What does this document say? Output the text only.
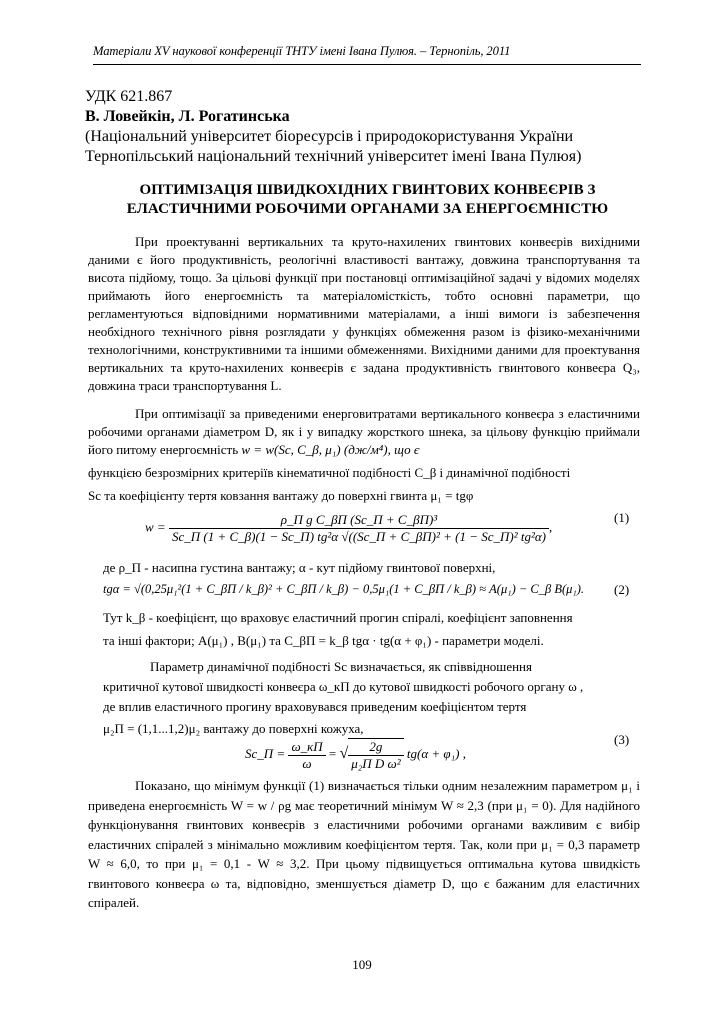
Матеріали XV наукової конференції ТНТУ імені Івана Пулюя. – Тернопіль, 2011
УДК 621.867
В. Ловейкін, Л. Рогатинська
(Національний університет біоресурсів і природокористування України
Тернопільський національний технічний університет імені Івана Пулюя)
ОПТИМІЗАЦІЯ ШВИДКОХІДНИХ ГВИНТОВИХ КОНВЕЄРІВ З
ЕЛАСТИЧНИМИ РОБОЧИМИ ОРГАНАМИ ЗА ЕНЕРГОЄМНІСТЮ
При проектуванні вертикальних та круто-нахилених гвинтових конвеєрів вихідними даними є його продуктивність, реологічні властивості вантажу, довжина транспортування та висота підйому, тощо. За цільові функції при постановці оптимізаційної задачі у відомих моделях приймають його енергоємність та матеріаломісткість, тобто основні параметри, що регламентуються відповідними нормативними матеріалами, а інші вимоги із забезпечення необхідного технічного рівня розглядати у функціях обмеження разом із фізико-механічними технологічними, конструктивними та іншими обмеженнями. Вихідними даними для проектування вертикальних та круто-нахилених конвеєрів є задана продуктивність гвинтового конвеєра Q₃, довжина траси транспортування L.
При оптимізації за приведеними енерговитратами вертикального конвеєра з еластичними робочими органами діаметром D, як і у випадку жорсткого шнека, за цільову функцію приймали його питому енергоємність w = w(Sc, C_β, μ₁) (дж/м⁴), що є
функцією безрозмірних критеріїв кінематичної подібності C_β і динамічної подібності
Sc та коефіцієнту тертя ковзання вантажу до поверхні гвинта μ₁ = tgφ
w =	ρ_П g C_βП (Sc_П + C_βП)³
Sc_П (1 + C_β)(1 − Sc_П) tg²α √((Sc_П + C_βП)² + (1 − Sc_П)² tg²α)
,
(1)
де ρ_П - насипна густина вантажу; α - кут підйому гвинтової поверхні,
tgα = √(0,25μ₁²(1 + C_βП / k_β)² + C_βП / k_β) − 0,5μ₁(1 + C_βП / k_β) ≈ A(μ₁) − C_β B(μ₁). (2)
Тут k_β - коефіцієнт, що враховує еластичний прогин спіралі, коефіцієнт заповнення
та інші фактори; A(μ₁) , B(μ₁) та C_βП = k_β tgα · tg(α + φ₁) - параметри моделі.
Параметр динамічної подібності Sc визначається, як співвідношення
критичної кутової швидкості конвеєра ω_кП до кутової швидкості робочого органу ω ,
де вплив еластичного прогину враховувався приведеним коефіцієнтом тертя
μ₂П = (1,1...1,2)μ₂ вантажу до поверхні кожуха,
Sc_П = $\frac{\omega\_кП}{\omega}$ = √ $\frac{2g}{\text{μ₂П D ω²}} tg(\alpha + \varphi_1)$ ,
(3)
Показано, що мінімум функції (1) визначається тільки одним незалежним параметром μ₁ і приведена енергоємність W = w / ρg має теоретичний мінімум W ≈ 2,3 (при μ₁ = 0). Для надійного функціонування гвинтових конвеєрів з еластичними робочими органами важливим є вибір еластичних спіралей з мінімально можливим коефіцієнтом тертя. Так, коли при μ₁ = 0,3 параметр W ≈ 6,0, то при μ₁ = 0,1 - W ≈ 3,2. При цьому підвищується оптимальна кутова швидкість гвинтового конвеєра ω та, відповідно, зменшується діаметр D, що є бажаним для еластичних спіралей.
109
